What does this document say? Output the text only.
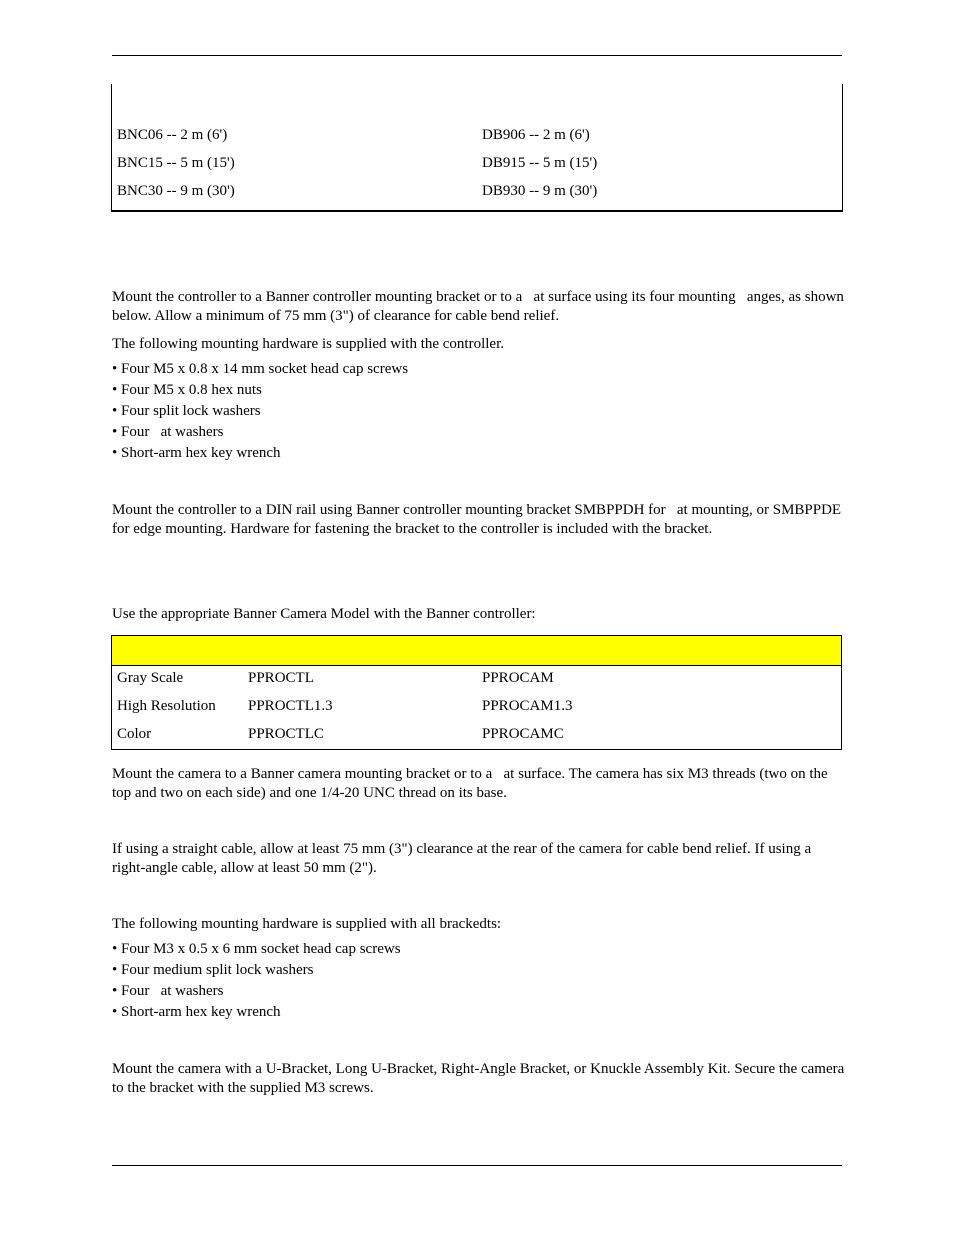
BNC06 -- 2 m (6')	DB906 -- 2 m (6')
BNC15 -- 5 m (15')	DB915 -- 5 m (15')
BNC30 -- 9 m (30')	DB930 -- 9 m (30')

Mount the controller to a Banner controller mounting bracket or to a   at surface using its four mounting   anges, as shown below. Allow a minimum of 75 mm (3") of clearance for cable bend relief.

The following mounting hardware is supplied with the controller.

• Four M5 x 0.8 x 14 mm socket head cap screws
• Four M5 x 0.8 hex nuts
• Four split lock washers
• Four   at washers
• Short-arm hex key wrench

Mount the controller to a DIN rail using Banner controller mounting bracket SMBPPDH for   at mounting, or SMBPPDE for edge mounting. Hardware for fastening the bracket to the controller is included with the bracket.

Use the appropriate Banner Camera Model with the Banner controller:
Gray Scale	PPROCTL	PPROCAM
High Resolution PPROCTL1.3	PPROCAM1.3
Color	PPROCTLC	PPROCAMC

Mount the camera to a Banner camera mounting bracket or to a   at surface. The camera has six M3 threads (two on the top and two on each side) and one 1/4-20 UNC thread on its base.

If using a straight cable, allow at least 75 mm (3") clearance at the rear of the camera for cable bend relief. If using a right-angle cable, allow at least 50 mm (2").

The following mounting hardware is supplied with all brackedts:

• Four M3 x 0.5 x 6 mm socket head cap screws
• Four medium split lock washers
• Four   at washers
• Short-arm hex key wrench

Mount the camera with a U-Bracket, Long U-Bracket, Right-Angle Bracket, or Knuckle Assembly Kit. Secure the camera to the bracket with the supplied M3 screws.
